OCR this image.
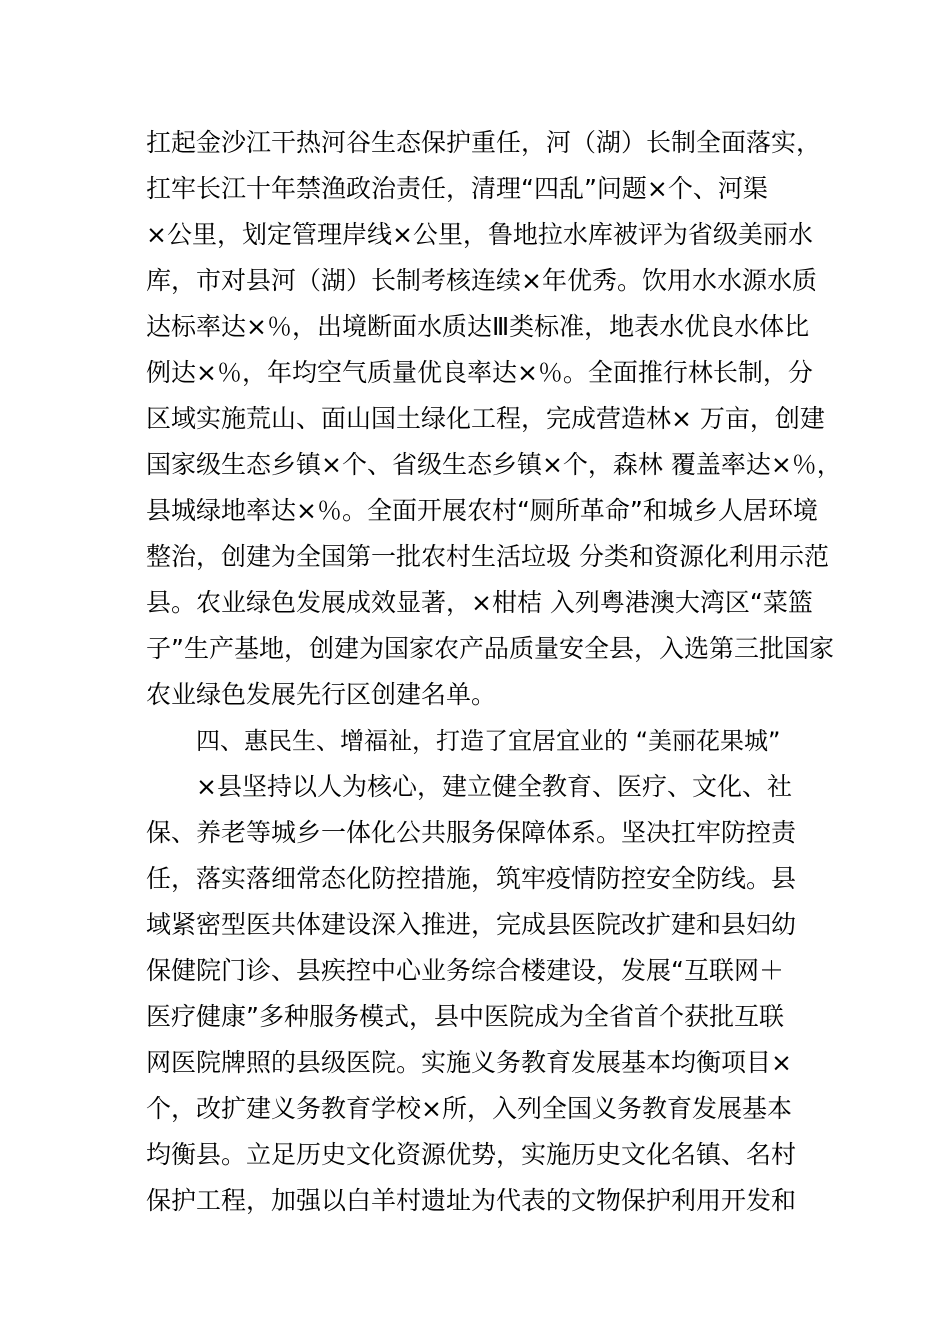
扛起金沙江干热河谷生态保护重任，河（湖）长制全面落实，
扛牢长江十年禁渔政治责任，清理“四乱”问题×个、河渠
×公里，划定管理岸线×公里，鲁地拉水库被评为省级美丽水
库，市对县河（湖）长制考核连续×年优秀。饮用水水源水质
达标率达×％，出境断面水质达Ⅲ类标准，地表水优良水体比
例达×％，年均空气质量优良率达×％。全面推行林长制，分
区域实施荒山、面山国土绿化工程，完成营造林× 万亩，创建
国家级生态乡镇×个、省级生态乡镇×个，森林 覆盖率达×％，
县城绿地率达×％。全面开展农村“厕所革命”和城乡人居环境
整治，创建为全国第一批农村生活垃圾 分类和资源化利用示范
县。农业绿色发展成效显著，×柑桔 入列粤港澳大湾区“菜篮
子”生产基地，创建为国家农产品质量安全县，入选第三批国家
农业绿色发展先行区创建名单。
四、惠民生、增福祉，打造了宜居宜业的 “美丽花果城”
×县坚持以人为核心，建立健全教育、医疗、文化、社
保、养老等城乡一体化公共服务保障体系。坚决扛牢防控责
任，落实落细常态化防控措施，筑牢疫情防控安全防线。县
域紧密型医共体建设深入推进，完成县医院改扩建和县妇幼
保健院门诊、县疾控中心业务综合楼建设，发展“互联网＋
医疗健康”多种服务模式，县中医院成为全省首个获批互联
网医院牌照的县级医院。实施义务教育发展基本均衡项目×
个，改扩建义务教育学校×所，入列全国义务教育发展基本
均衡县。立足历史文化资源优势，实施历史文化名镇、名村
保护工程，加强以白羊村遗址为代表的文物保护利用开发和
